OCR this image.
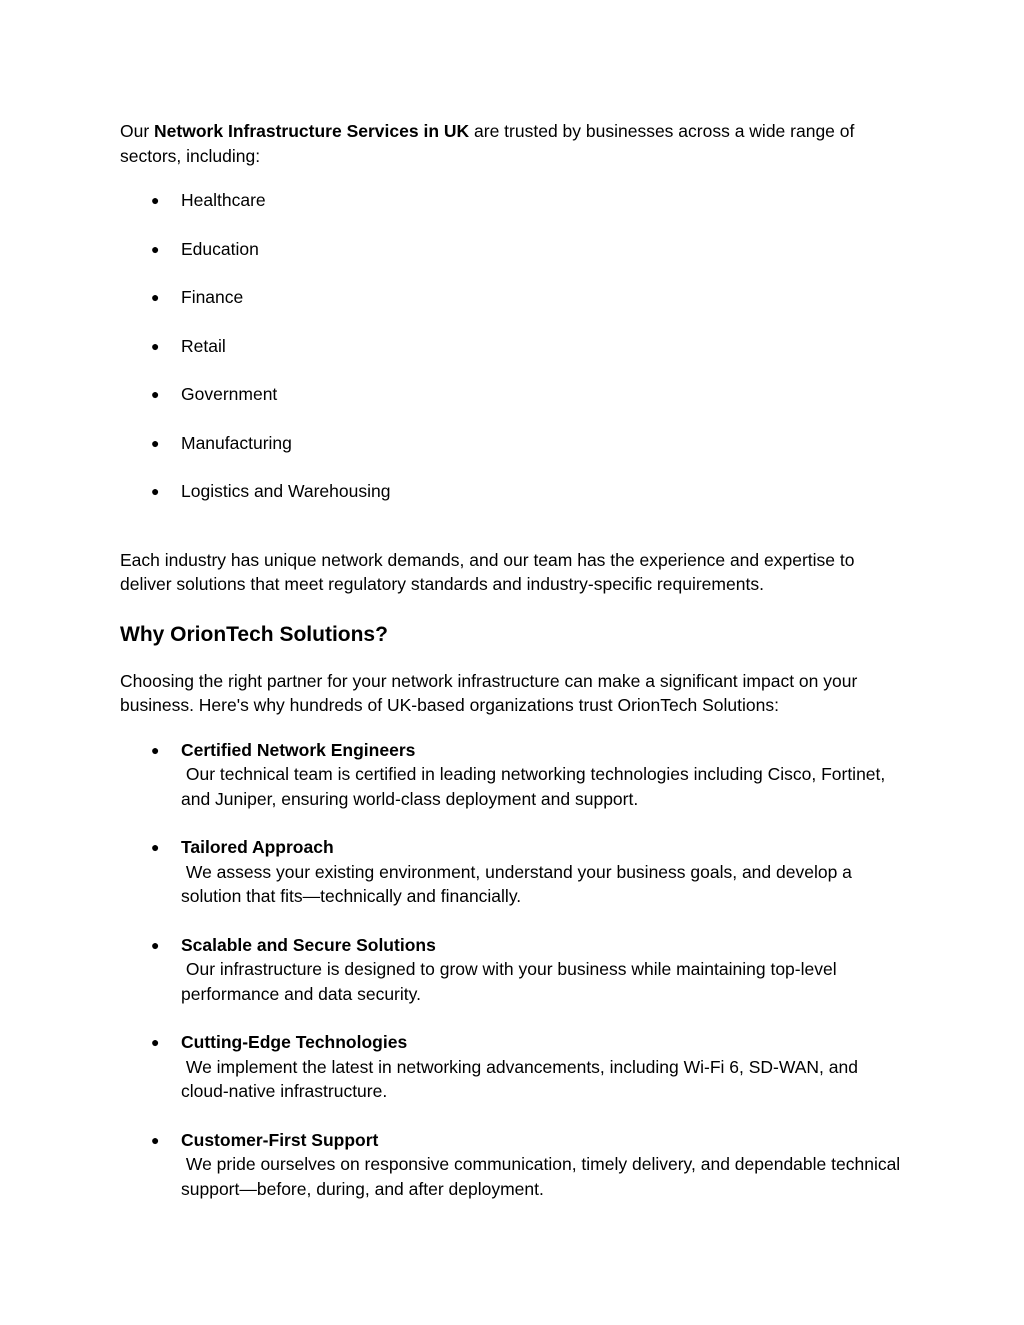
Our Network Infrastructure Services in UK are trusted by businesses across a wide range of sectors, including:

● Healthcare
● Education
● Finance
● Retail
● Government
● Manufacturing
● Logistics and Warehousing

Each industry has unique network demands, and our team has the experience and expertise to deliver solutions that meet regulatory standards and industry-specific requirements.

Why OrionTech Solutions?

Choosing the right partner for your network infrastructure can make a significant impact on your business. Here's why hundreds of UK-based organizations trust OrionTech Solutions:

● Certified Network Engineers
Our technical team is certified in leading networking technologies including Cisco, Fortinet, and Juniper, ensuring world-class deployment and support.
● Tailored Approach
We assess your existing environment, understand your business goals, and develop a solution that fits—technically and financially.
● Scalable and Secure Solutions
Our infrastructure is designed to grow with your business while maintaining top-level performance and data security.
● Cutting-Edge Technologies
We implement the latest in networking advancements, including Wi-Fi 6, SD-WAN, and cloud-native infrastructure.
● Customer-First Support
We pride ourselves on responsive communication, timely delivery, and dependable technical support—before, during, and after deployment.
